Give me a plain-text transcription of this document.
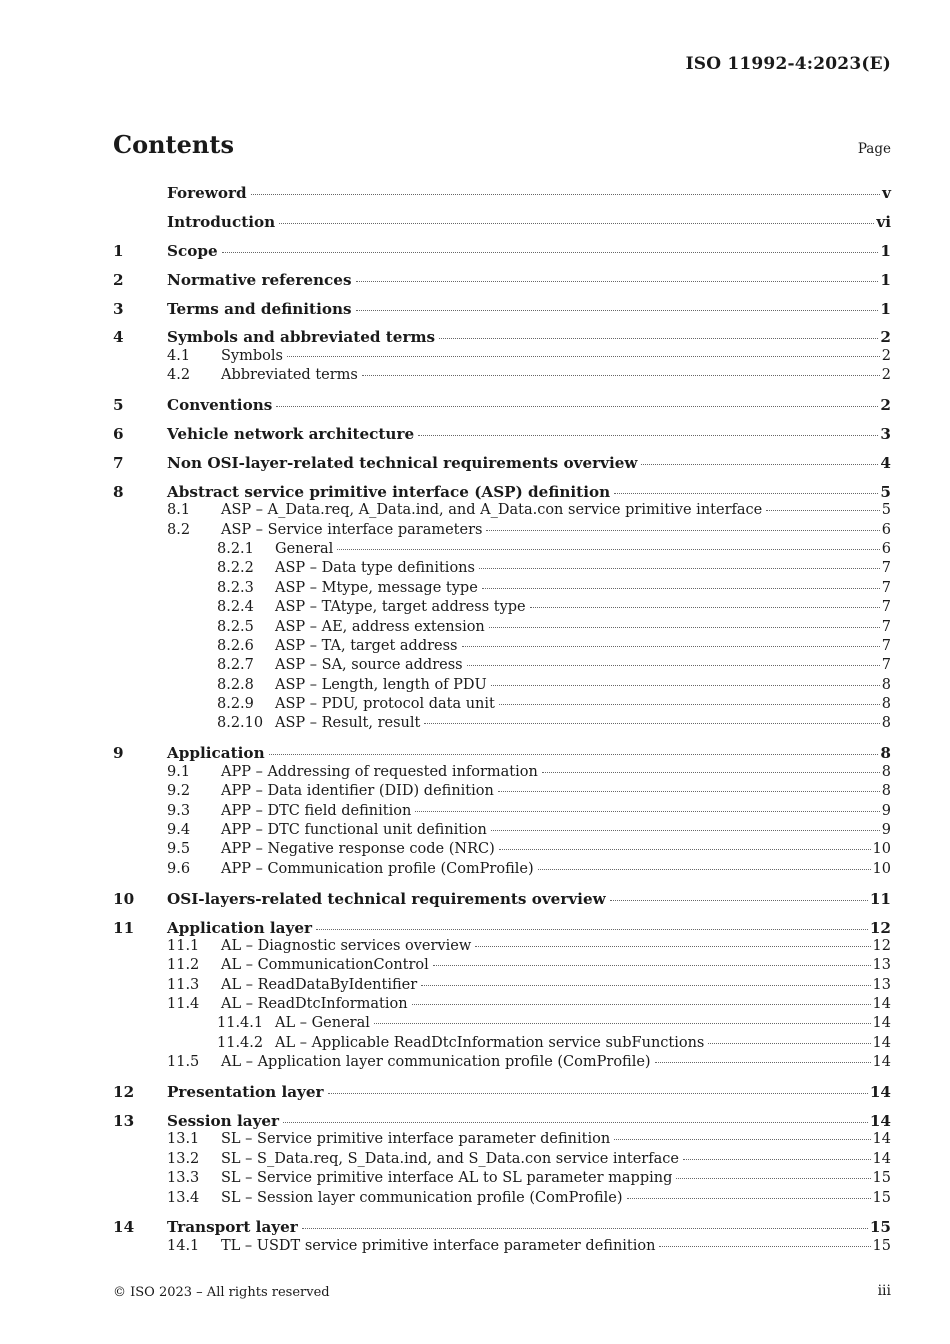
ISO 11992-4:2023(E)
Contents	Page
Foreword	v
Introduction	vi
1	Scope	1
2	Normative references	1
3	Terms and definitions	1
4	Symbols and abbreviated terms	2
4.1	Symbols	2
4.2	Abbreviated terms	2
5	Conventions	2
6	Vehicle network architecture	3
7	Non OSI-layer-related technical requirements overview	4
8	Abstract service primitive interface (ASP) definition	5
8.1	ASP – A_Data.req, A_Data.ind, and A_Data.con service primitive interface	5
8.2	ASP – Service interface parameters	6
8.2.1	General	6
8.2.2	ASP – Data type definitions	7
8.2.3	ASP – Mtype, message type	7
8.2.4	ASP – TAtype, target address type	7
8.2.5	ASP – AE, address extension	7
8.2.6	ASP – TA, target address	7
8.2.7	ASP – SA, source address	7
8.2.8	ASP – Length, length of PDU	8
8.2.9	ASP – PDU, protocol data unit	8
8.2.10 ASP – Result, result	8
9	Application	8
9.1	APP – Addressing of requested information	8
9.2	APP – Data identifier (DID) definition	8
9.3	APP – DTC field definition	9
9.4	APP – DTC functional unit definition	9
9.5	APP – Negative response code (NRC)	10
9.6	APP – Communication profile (ComProfile)	10
10	OSI-layers-related technical requirements overview	11
11	Application layer	12
11.1	AL – Diagnostic services overview	12
11.2	AL – CommunicationControl	13
11.3	AL – ReadDataByIdentifier	13
11.4	AL – ReadDtcInformation	14
11.4.1 AL – General	14
11.4.2 AL – Applicable ReadDtcInformation service subFunctions	14
11.5	AL – Application layer communication profile (ComProfile)	14
12	Presentation layer	14
13	Session layer	14
13.1	SL – Service primitive interface parameter definition	14
13.2	SL – S_Data.req, S_Data.ind, and S_Data.con service interface	14
13.3	SL – Service primitive interface AL to SL parameter mapping	15
13.4	SL – Session layer communication profile (ComProfile)	15
14	Transport layer	15
14.1	TL – USDT service primitive interface parameter definition	15
© ISO 2023 – All rights reserved	iii
